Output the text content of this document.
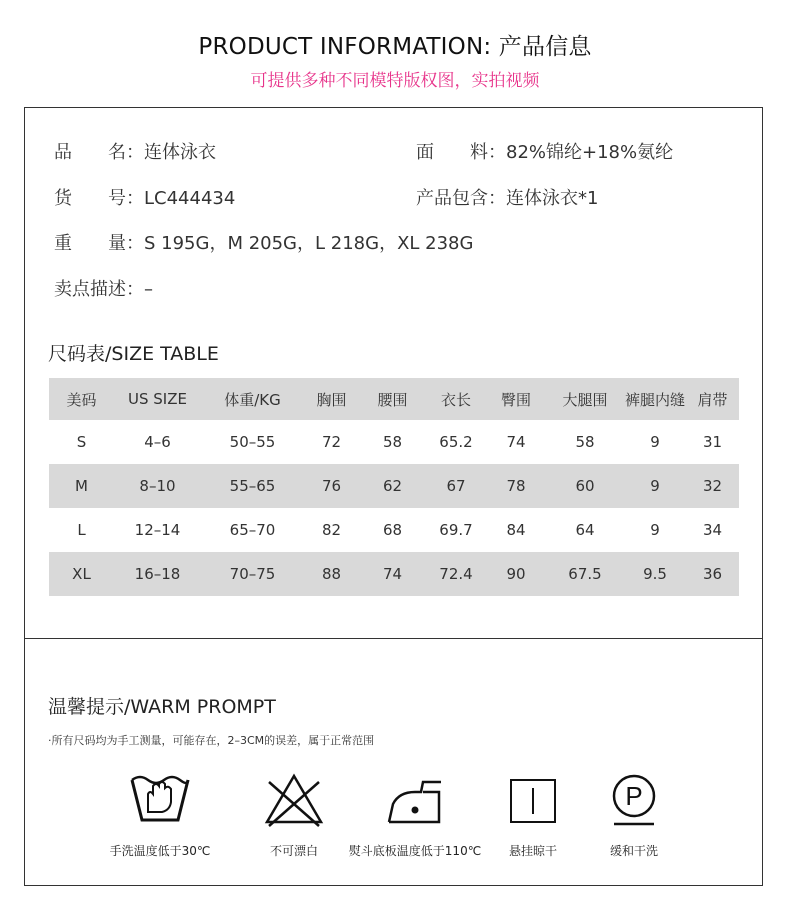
PRODUCT INFORMATION: 产品信息
可提供多种不同模特版权图，实拍视频
品　　名：连体泳衣	面　　料：82%锦纶+18%氨纶
货　　号：LC444434	产品包含：连体泳衣*1
重　　量：S 195G，M 205G，L 218G，XL 238G
卖点描述：–
尺码表/SIZE TABLE
美码	US SIZE	体重/KG	胸围	腰围	衣长	臀围	大腿围	裤腿内缝	肩带
S	4–6	50–55	72	58	65.2	74	58	9	31
M	8–10	55–65	76	62	67	78	60	9	32
L	12–14	65–70	82	68	69.7	84	64	9	34
XL	16–18	70–75	88	74	72.4	90	67.5	9.5	36
温馨提示/WARM PROMPT
·所有尺码均为手工测量，可能存在，2–3CM的误差，属于正常范围
P
手洗温度低于30℃	不可漂白	熨斗底板温度低于110℃	悬挂晾干	缓和干洗
